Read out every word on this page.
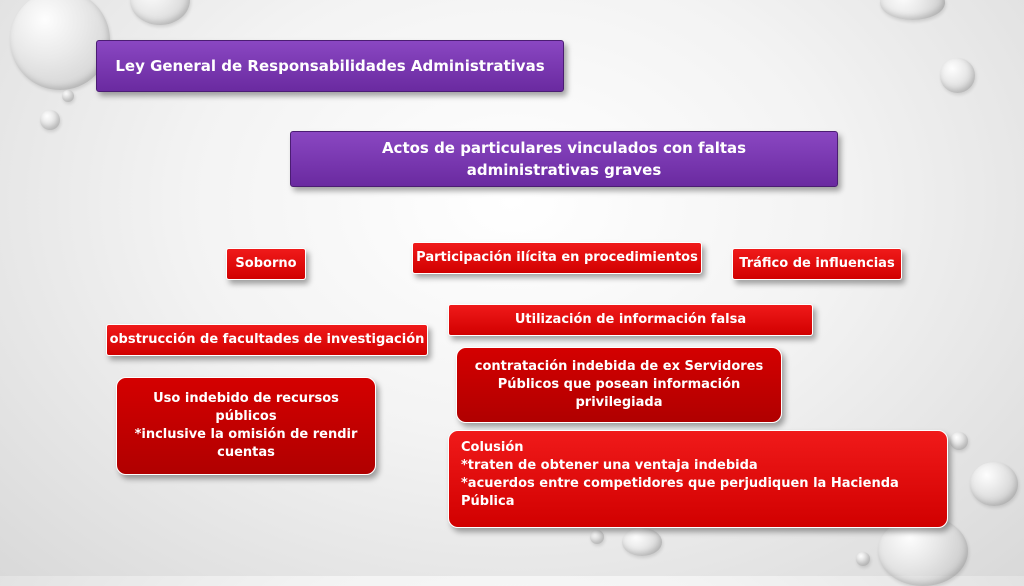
Ley General de Responsabilidades Administrativas
Actos de particulares vinculados con faltas administrativas graves
Soborno	Participación ilícita en procedimientos	Tráfico de influencias
Utilización de información falsa
obstrucción de facultades de investigación
contratación indebida de ex Servidores
Públicos que posean información
privilegiada
Uso indebido de recursos
públicos
*inclusive la omisión de rendir
cuentas	Colusión
*traten de obtener una ventaja indebida
*acuerdos entre competidores que perjudiquen la Hacienda Pública
